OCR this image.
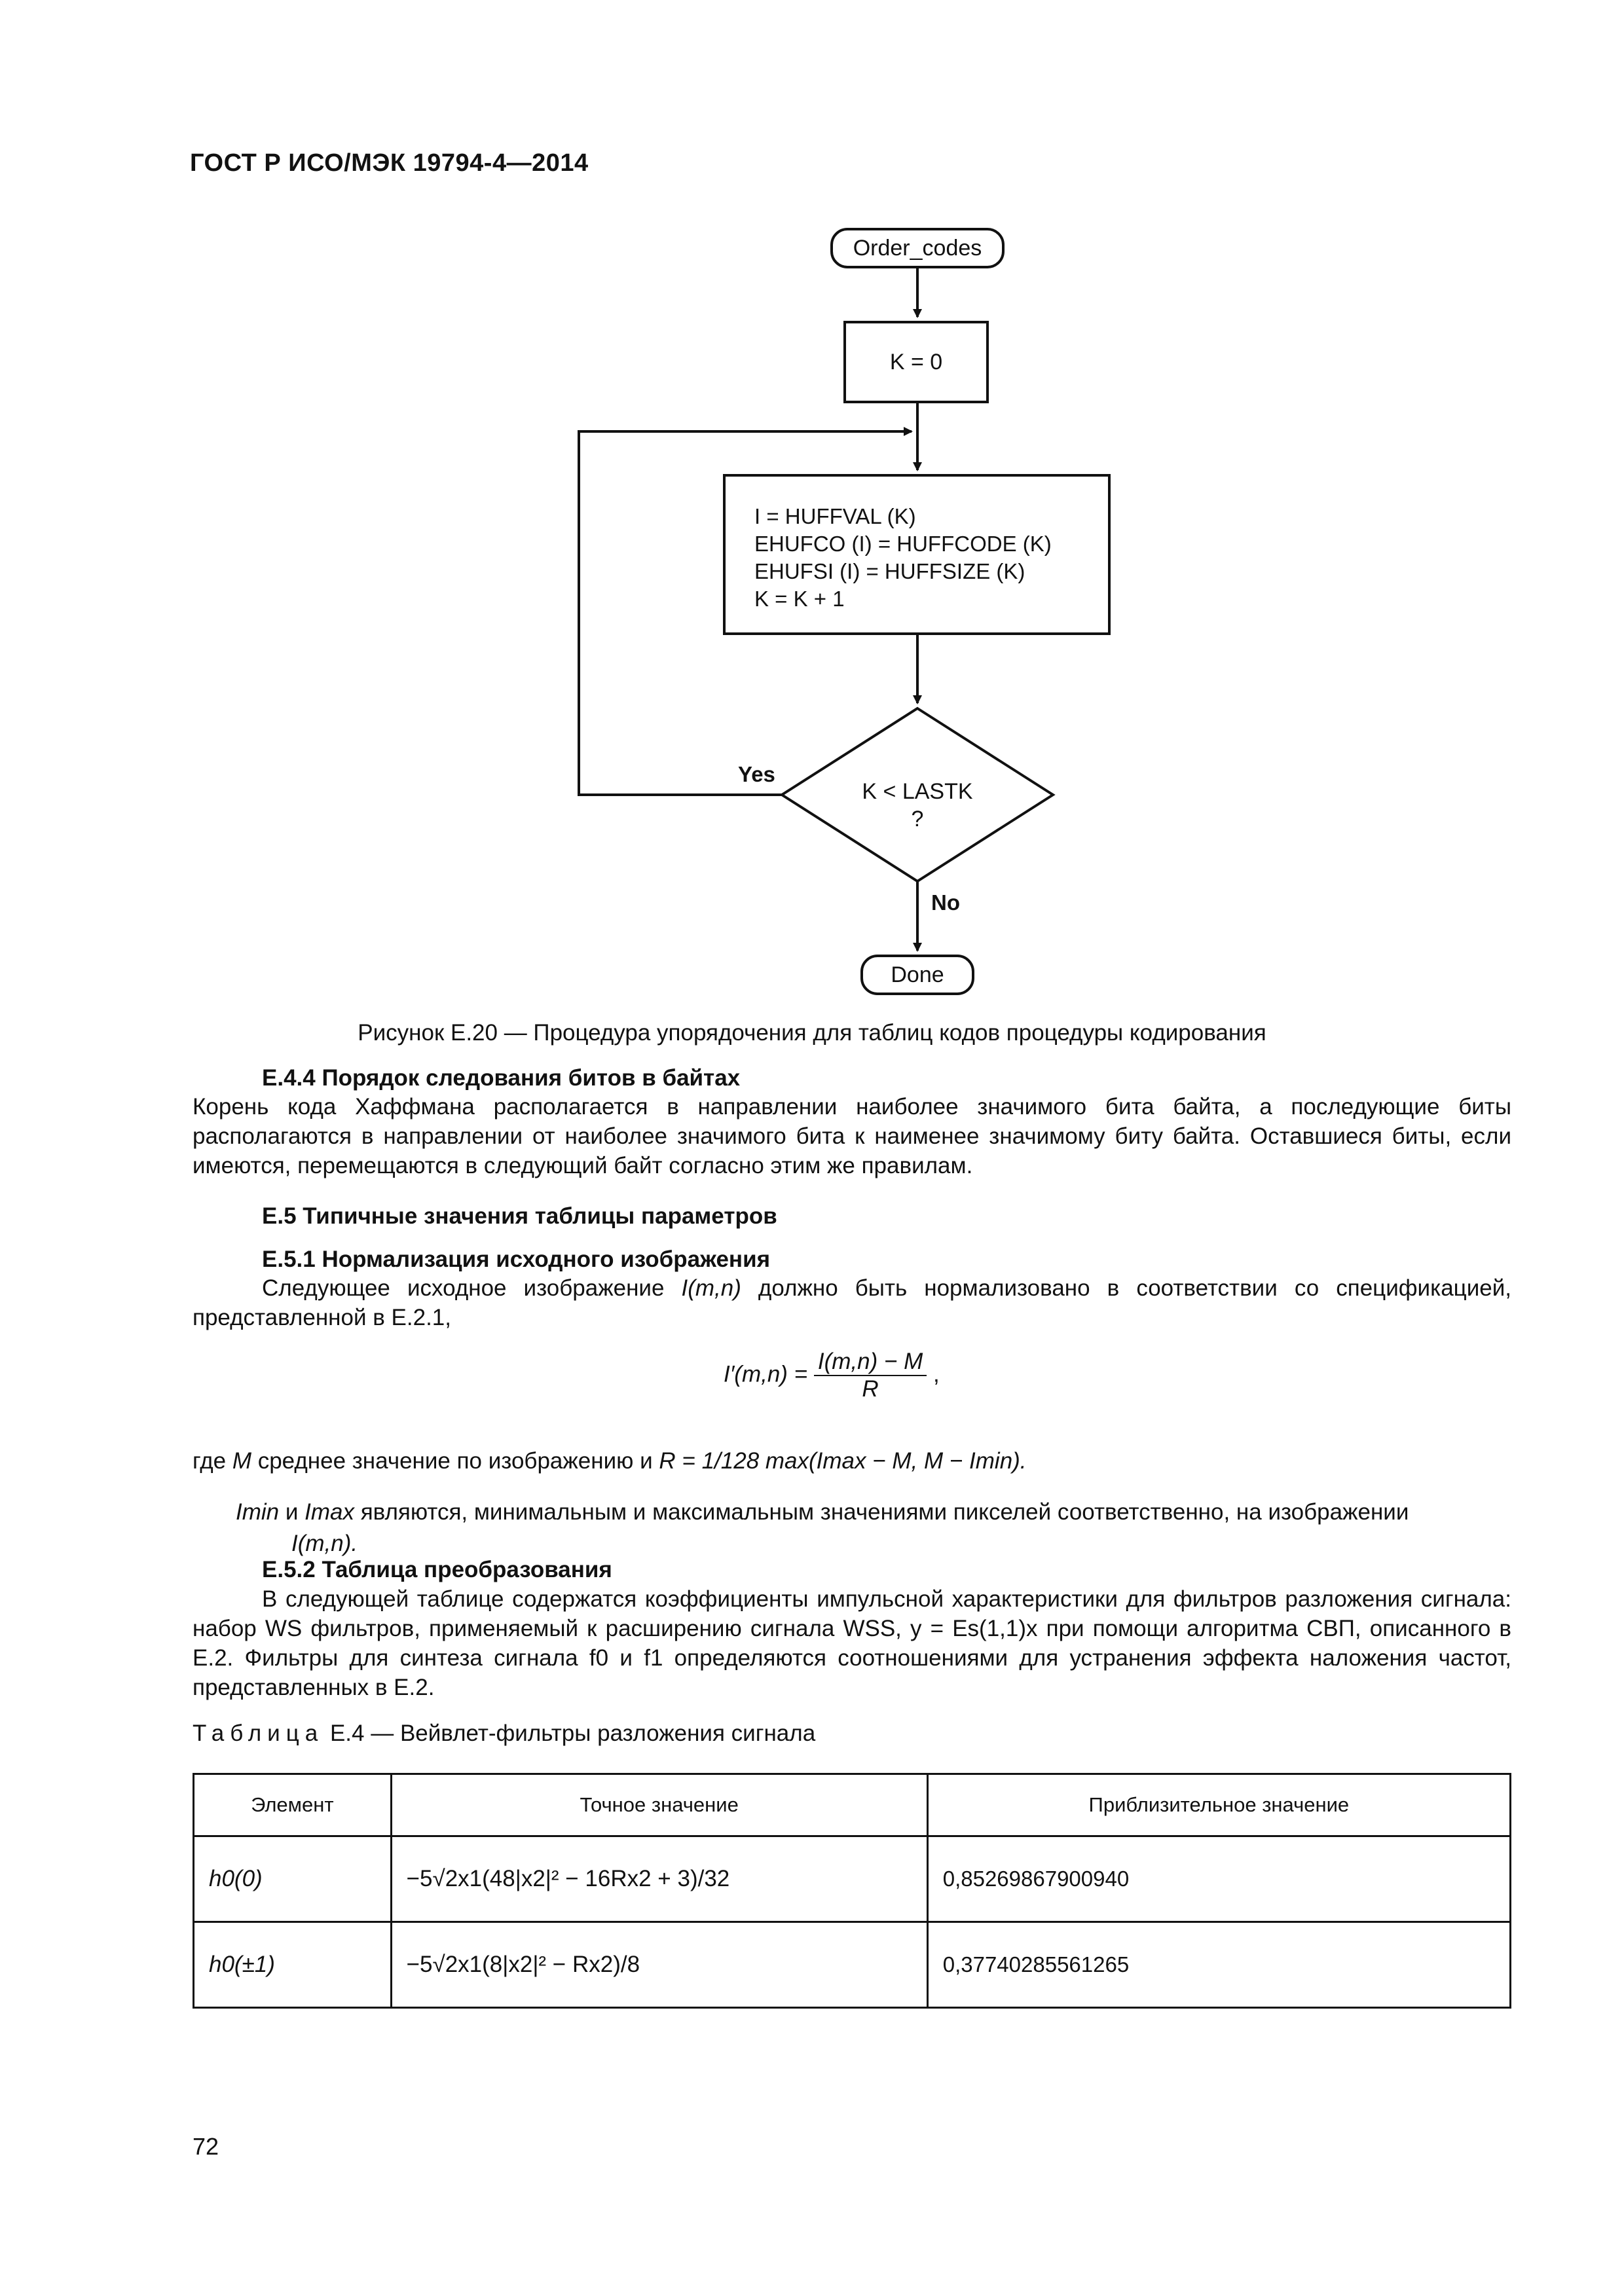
ГОСТ Р ИСО/МЭК 19794-4—2014
Order_codes
K = 0
I = HUFFVAL (K)
EHUFCO (I) = HUFFCODE (K)
EHUFSI (I) = HUFFSIZE (K)
K = K + 1
K < LASTK
?
Yes
No
Done
Рисунок Е.20 — Процедура упорядочения для таблиц кодов процедуры кодирования
Е.4.4 Порядок следования битов в байтах
Корень кода Хаффмана располагается в направлении наиболее значимого бита байта, а последующие биты располагаются в направлении от наиболее значимого бита к наименее значимому биту байта. Оставшиеся биты, если имеются, перемещаются в следующий байт согласно этим же правилам.
Е.5 Типичные значения таблицы параметров
Е.5.1 Нормализация исходного изображения
Следующее исходное изображение I(m,n) должно быть нормализовано в соответствии со спецификацией, представленной в Е.2.1,
$I'(m,n) = \frac{I(m,n) - M}{R}$ ,
где M среднее значение по изображению и R = 1/128 max(Imax − M, M − Imin).
Imin и Imax являются, минимальным и максимальным значениями пикселей соответственно, на изображении
I(m,n).
Е.5.2 Таблица преобразования
В следующей таблице содержатся коэффициенты импульсной характеристики для фильтров разложения сигнала: набор WS фильтров, применяемый к расширению сигнала WSS, y = Es(1,1)x при помощи алгоритма СВП, описанного в Е.2. Фильтры для синтеза сигнала f0 и f1 определяются соотношениями для устранения эффекта наложения частот, представленных в Е.2.
Таблица Е.4 — Вейвлет-фильтры разложения сигнала
Элемент	Точное значение	Приблизительное значение
h0(0)	−5√2x1(48|x2|² − 16Rx2 + 3)/32	0,85269867900940
h0(±1)	−5√2x1(8|x2|² − Rx2)/8	0,37740285561265
72
